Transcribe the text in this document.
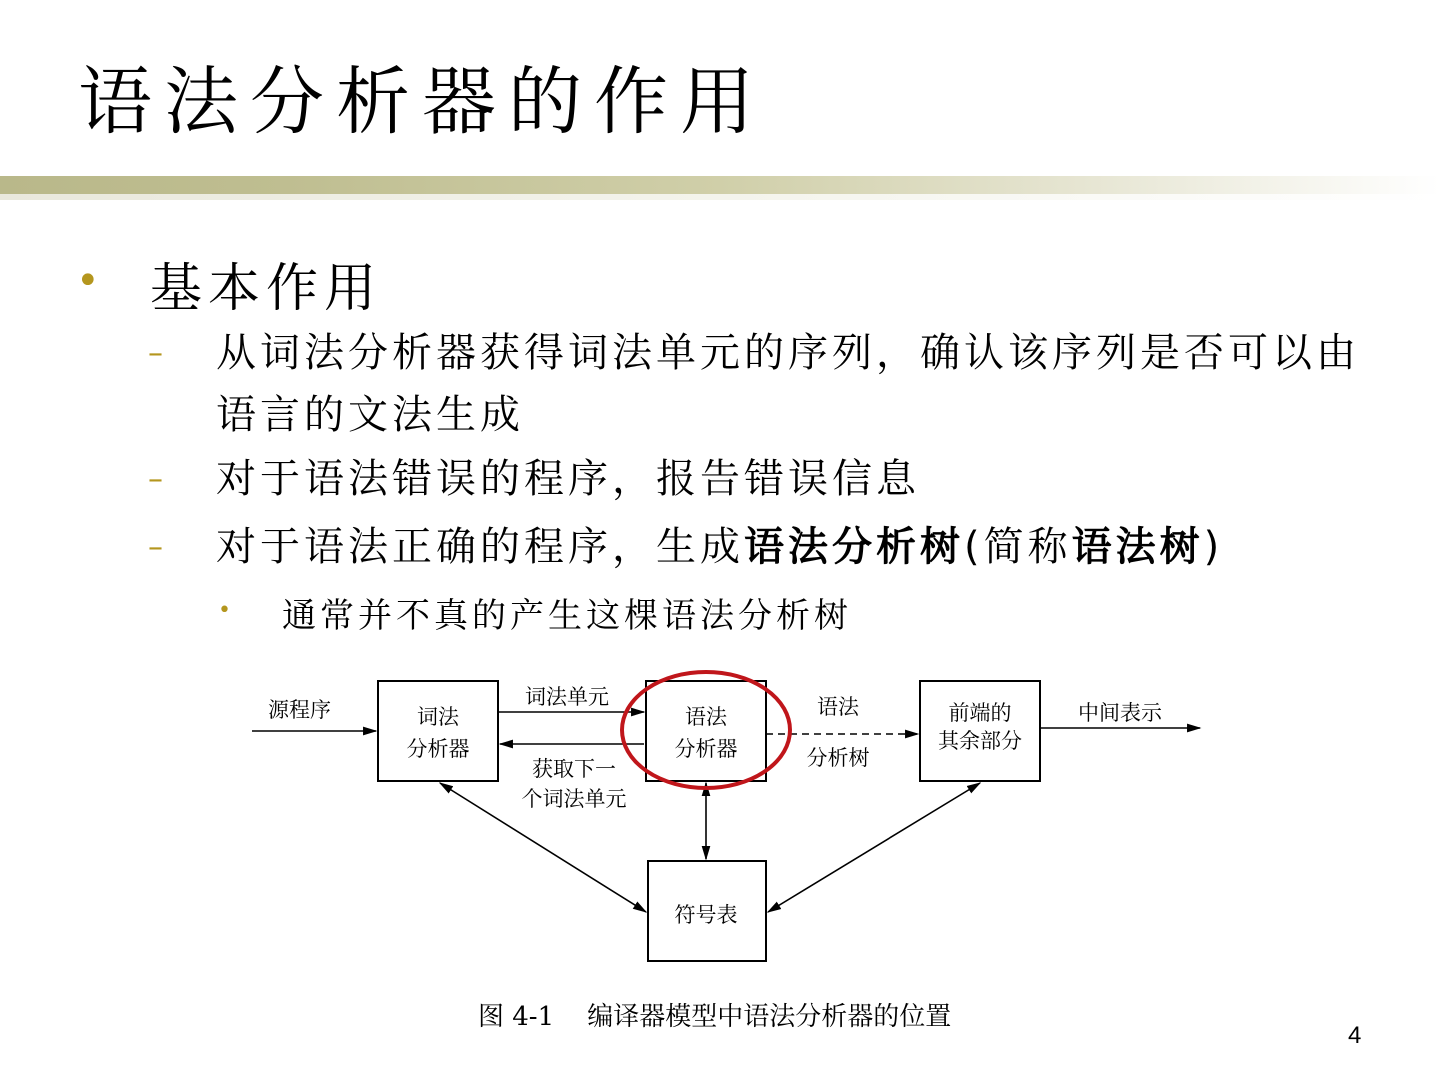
语法分析器的作用
• 基本作用

– 从词法分析器获得词法单元的序列，确认该序列是否可以由语言的文法生成

– 对于语法错误的程序，报告错误信息

– 对于语法正确的程序，生成语法分析树(简称语法树)

• 通常并不真的产生这棵语法分析树

源程序	词法
分析器
词法单元
获取下一
个词法单元
语法
分析器
语法
分析树
前端的
其余部分
中间表示
符号表
图 4-1    编译器模型中语法分析器的位置
4
